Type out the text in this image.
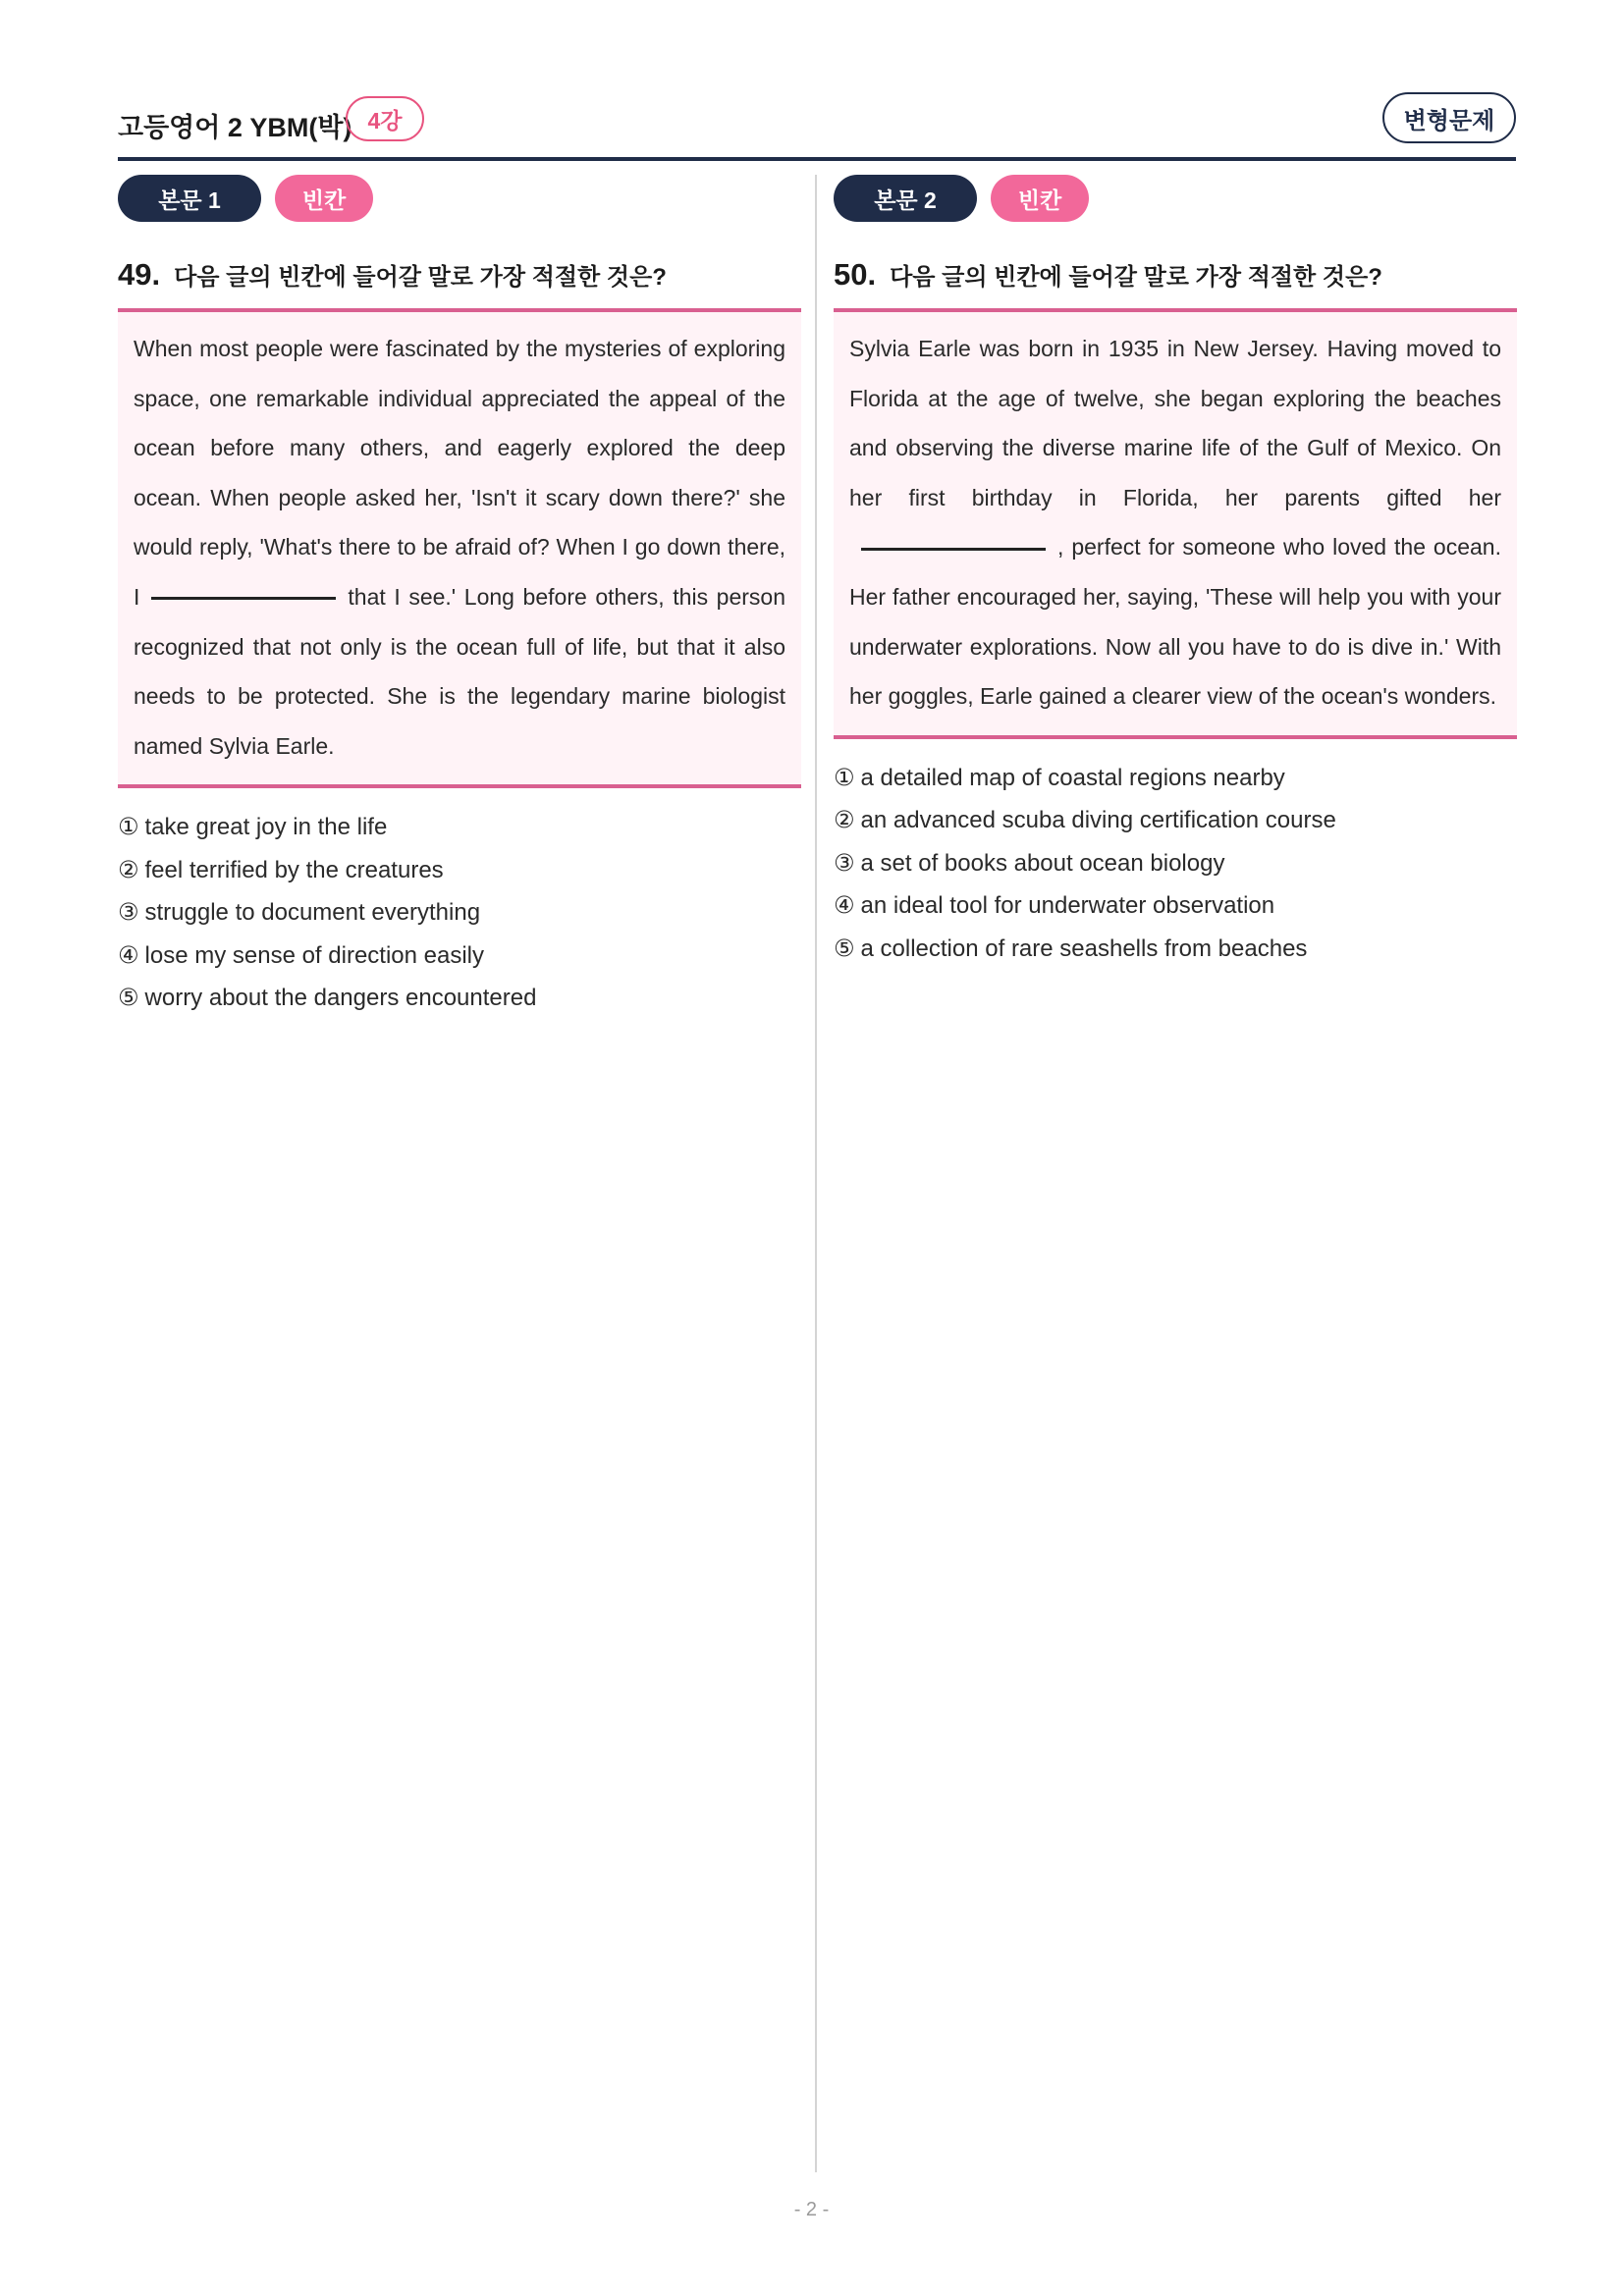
고등영어 2 YBM(박) 4강	변형문제
본문 1	빈칸
49. 다음 글의 빈칸에 들어갈 말로 가장 적절한 것은?
When most people were fascinated by the mysteries of exploring space, one remarkable individual appreciated the appeal of the ocean before many others, and eagerly explored the deep ocean. When people asked her, 'Isn't it scary down there?' she would reply, 'What's there to be afraid of? When I go down there, I	that I see.' Long before others, this person recognized that not only is the ocean full of life, but that it also needs to be protected. She is the legendary marine biologist named Sylvia Earle.
① take great joy in the life
② feel terrified by the creatures
③ struggle to document everything
④ lose my sense of direction easily
⑤ worry about the dangers encountered
본문 2	빈칸
50. 다음 글의 빈칸에 들어갈 말로 가장 적절한 것은?
Sylvia Earle was born in 1935 in New Jersey. Having moved to Florida at the age of twelve, she began exploring the beaches and observing the diverse marine life of the Gulf of Mexico. On her first birthday in Florida, her parents gifted her, perfect for someone who loved the ocean. Her father encouraged her, saying, 'These will help you with your underwater explorations. Now all you have to do is dive in.' With her goggles, Earle gained a clearer view of the ocean's wonders.
① a detailed map of coastal regions nearby
② an advanced scuba diving certification course
③ a set of books about ocean biology
④ an ideal tool for underwater observation
⑤ a collection of rare seashells from beaches
- 2 -
